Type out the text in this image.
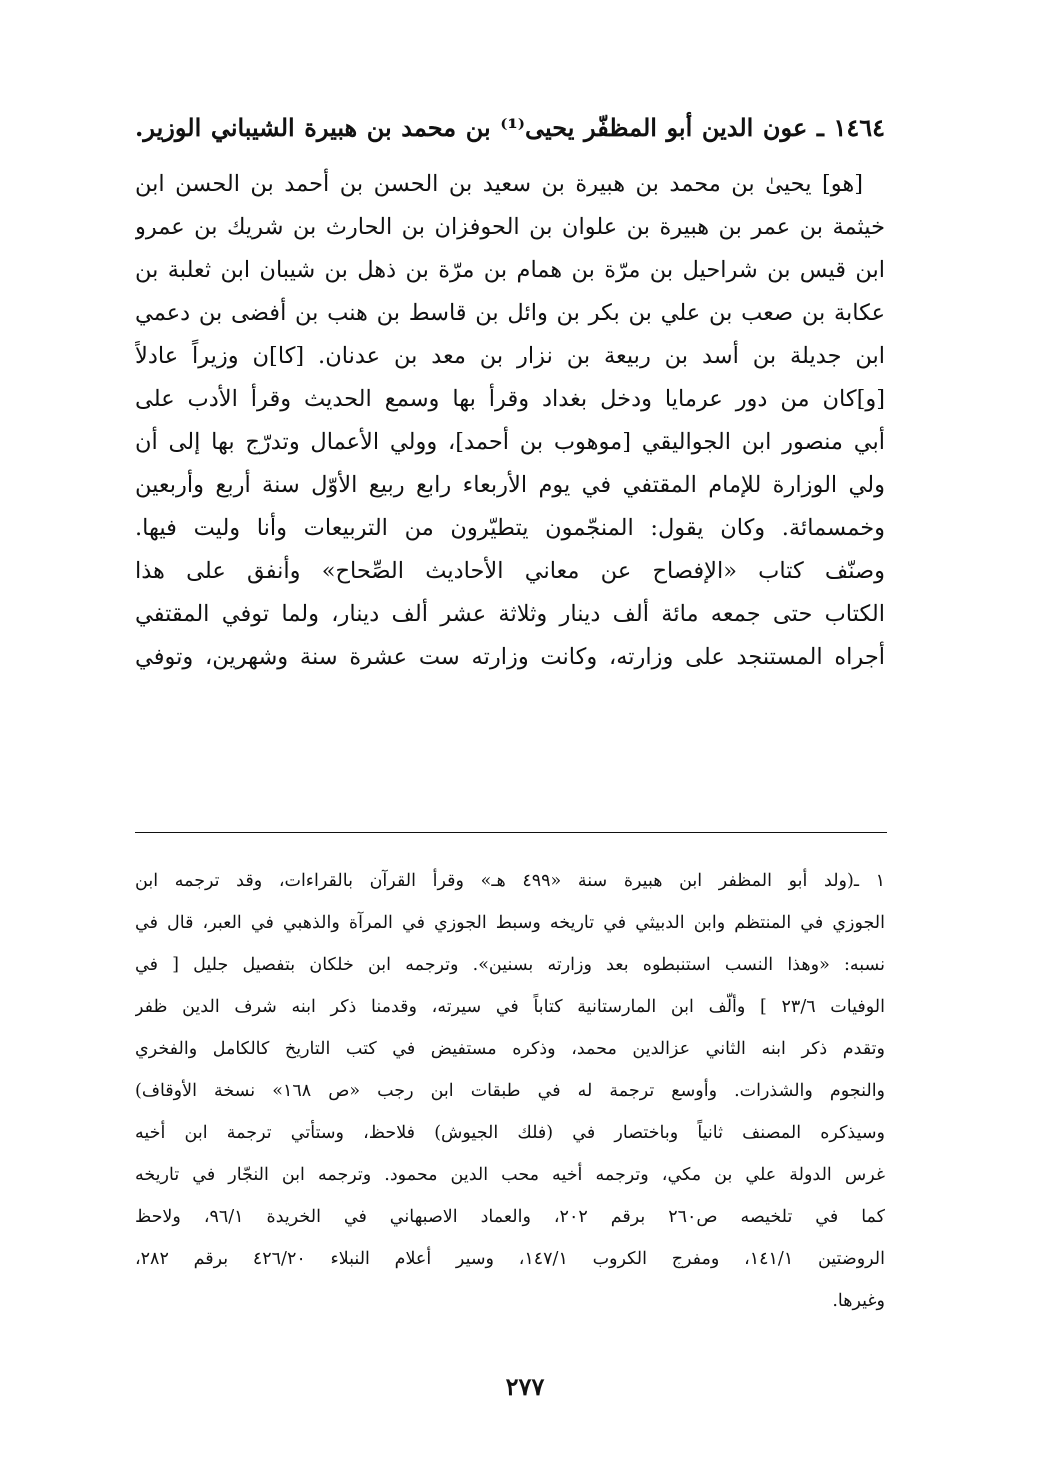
١٤٦٤ ـ عون الدين أبو المظفّر يحيى⁽¹⁾ بن محمد بن هبيرة الشيباني الوزير.
[هو] يحيىٰ بن محمد بن هبيرة بن سعيد بن الحسن بن أحمد بن الحسن ابن
خيثمة بن عمر بن هبيرة بن علوان بن الحوفزان بن الحارث بن شريك بن عمرو
ابن قيس بن شراحيل بن مرّة بن همام بن مرّة بن ذهل بن شيبان ابن ثعلبة بن
عكابة بن صعب بن علي بن بكر بن وائل بن قاسط بن هنب بن أفضى بن دعمي
ابن جديلة بن أسد بن ربيعة بن نزار بن معد بن عدنان. [كا]ن وزيراً عادلاً
[و]كان من دور عرمايا ودخل بغداد وقرأ بها وسمع الحديث وقرأ الأدب على
أبي منصور ابن الجواليقي [موهوب بن أحمد]، وولي الأعمال وتدرّج بها إلى أن
ولي الوزارة للإمام المقتفي في يوم الأربعاء رابع ربيع الأوّل سنة أربع وأربعين
وخمسمائة. وكان يقول: المنجّمون يتطيّرون من التربيعات وأنا وليت فيها.
وصنّف كتاب «الإفصاح عن معاني الأحاديث الصِّحاح» وأنفق على هذا
الكتاب حتى جمعه مائة ألف دينار وثلاثة عشر ألف دينار، ولما توفي المقتفي
أجراه المستنجد على وزارته، وكانت وزارته ست عشرة سنة وشهرين، وتوفي
١ ـ(ولد أبو المظفر ابن هبيرة سنة «٤٩٩ هـ» وقرأ القرآن بالقراءات، وقد ترجمه ابن
الجوزي في المنتظم وابن الدبيثي في تاريخه وسبط الجوزي في المرآة والذهبي في العبر، قال في
نسبه: «وهذا النسب استنبطوه بعد وزارته بسنين». وترجمه ابن خلكان بتفصيل جليل [ في
الوفيات ٢٣/٦ ] وألّف ابن المارستانية كتاباً في سيرته، وقدمنا ذكر ابنه شرف الدين ظفر
وتقدم ذكر ابنه الثاني عزالدين محمد، وذكره مستفيض في كتب التاريخ كالكامل والفخري
والنجوم والشذرات. وأوسع ترجمة له في طبقات ابن رجب «ص ١٦٨» نسخة الأوقاف)
وسيذكره المصنف ثانياً وباختصار في (فلك الجيوش) فلاحظ، وستأتي ترجمة ابن أخيه
غرس الدولة علي بن مكي، وترجمه أخيه محب الدين محمود. وترجمه ابن النجّار في تاريخه
كما في تلخيصه ص٢٦٠ برقم ٢٠٢، والعماد الاصبهاني في الخريدة ٩٦/١، ولاحظ
الروضتين ١٤١/١، ومفرج الكروب ١٤٧/١، وسير أعلام النبلاء ٤٢٦/٢٠ برقم ٢٨٢،
وغيرها.
٢٧٧
